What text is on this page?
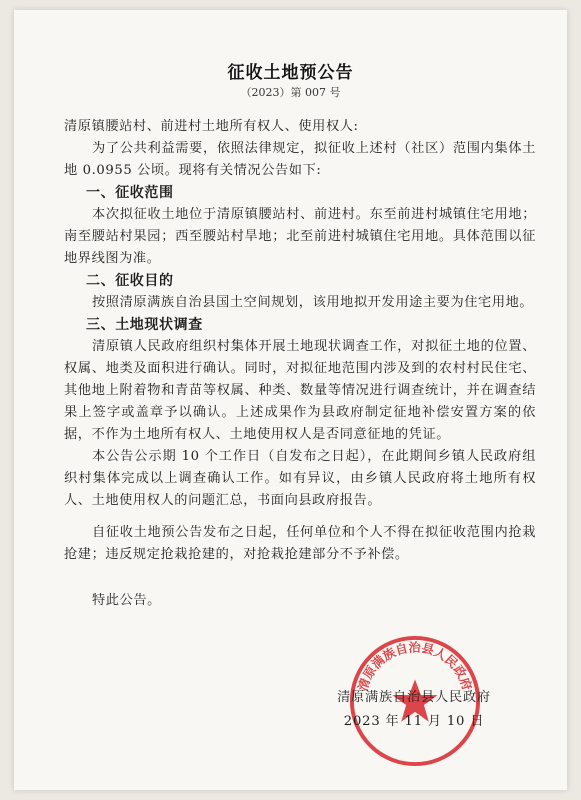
征收土地预公告
（2023）第 007 号

清原镇腰站村、前进村土地所有权人、使用权人:

为了公共利益需要，依照法律规定，拟征收上述村（社区）范围内集体土地 0.0955 公顷。现将有关情况公告如下:

一、征收范围

本次拟征收土地位于清原镇腰站村、前进村。东至前进村城镇住宅用地；南至腰站村果园；西至腰站村旱地；北至前进村城镇住宅用地。具体范围以征地界线图为准。

二、征收目的

按照清原满族自治县国土空间规划，该用地拟开发用途主要为住宅用地。

三、土地现状调查

清原镇人民政府组织村集体开展土地现状调查工作，对拟征土地的位置、权属、地类及面积进行确认。同时，对拟征地范围内涉及到的农村村民住宅、其他地上附着物和青苗等权属、种类、数量等情况进行调查统计，并在调查结果上签字或盖章予以确认。上述成果作为县政府制定征地补偿安置方案的依据，不作为土地所有权人、土地使用权人是否同意征地的凭证。

本公告公示期 10 个工作日（自发布之日起），在此期间乡镇人民政府组织村集体完成以上调查确认工作。如有异议，由乡镇人民政府将土地所有权人、土地使用权人的问题汇总，书面向县政府报告。

自征收土地预公告发布之日起，任何单位和个人不得在拟征收范围内抢栽抢建；违反规定抢栽抢建的，对抢栽抢建部分不予补偿。

特此公告。

清原满族自治县人民政府
清原满族自治县人民政府
2023 年 11 月 10 日
